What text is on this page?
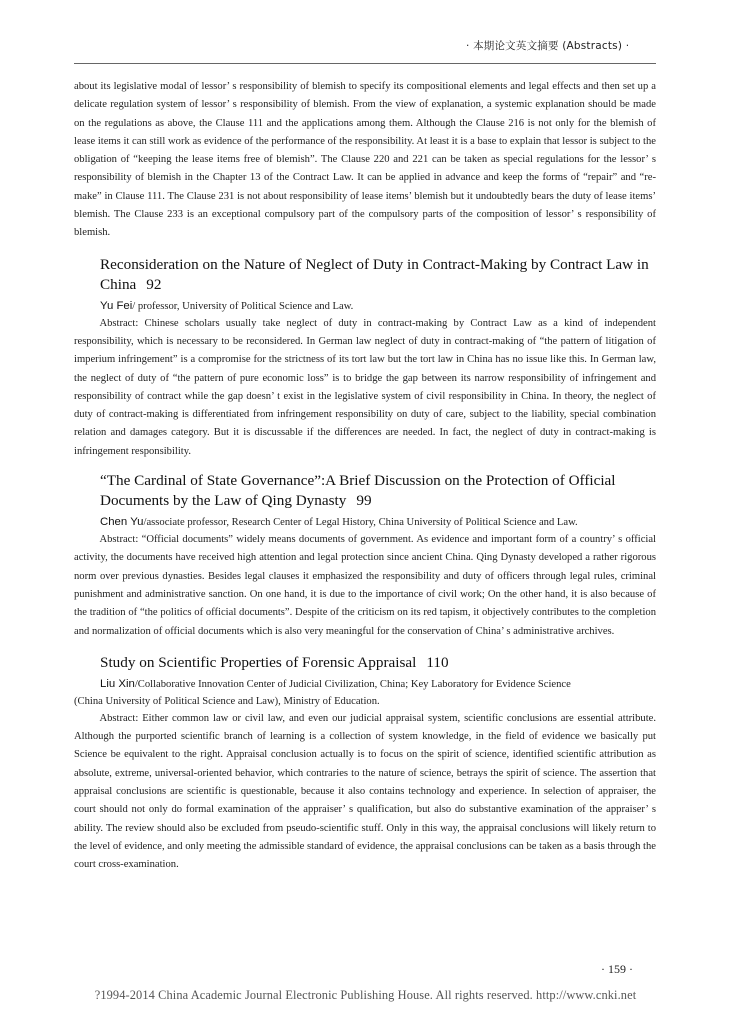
· 本期论文英文摘要 (Abstracts) ·

about its legislative modal of lessor’ s responsibility of blemish to specify its compositional elements and legal effects and then set up a delicate regulation system of lessor’ s responsibility of blemish. From the view of explanation, a systemic explanation should be made on the regulations as above, the Clause 111 and the applications among them. Although the Clause 216 is not only for the blemish of lease items it can still work as evidence of the performance of the responsibility. At least it is a base to explain that lessor is subject to the obligation of “keeping the lease items free of blemish”. The Clause 220 and 221 can be taken as special regulations for the lessor’ s responsibility of blemish in the Chapter 13 of the Contract Law. It can be applied in advance and keep the forms of “repair” and “re-make” in Clause 111. The Clause 231 is not about responsibility of lease items’ blemish but it undoubtedly bears the duty of lease items’ blemish. The Clause 233 is an exceptional compulsory part of the compulsory parts of the composition of lessor’ s responsibility of blemish.

Reconsideration on the Nature of Neglect of Duty in Contract-Making by Contract Law in China 92

Yu Fei/ professor, University of Political Science and Law.

Abstract: Chinese scholars usually take neglect of duty in contract-making by Contract Law as a kind of independent responsibility, which is necessary to be reconsidered. In German law neglect of duty in contract-making of “the pattern of litigation of imperium infringement” is a compromise for the strictness of its tort law but the tort law in China has no issue like this. In German law, the neglect of duty of “the pattern of pure economic loss” is to bridge the gap between its narrow responsibility of infringement and responsibility of contract while the gap doesn’ t exist in the legislative system of civil responsibility in China. In theory, the neglect of duty of contract-making is differentiated from infringement responsibility on duty of care, subject to the liability, special combination relation and damages category. But it is discussable if the differences are needed. In fact, the neglect of duty in contract-making is infringement responsibility.

“The Cardinal of State Governance”:A Brief Discussion on the Protection of Official Documents by the Law of Qing Dynasty 99

Chen Yu/associate professor, Research Center of Legal History, China University of Political Science and Law.

Abstract: “Official documents” widely means documents of government. As evidence and important form of a country’ s official activity, the documents have received high attention and legal protection since ancient China. Qing Dynasty developed a rather rigorous norm over previous dynasties. Besides legal clauses it emphasized the responsibility and duty of officers through legal rules, criminal punishment and administrative sanction. On one hand, it is due to the importance of civil work; On the other hand, it is also because of the tradition of “the politics of official documents”. Despite of the criticism on its red tapism, it objectively contributes to the completion and normalization of official documents which is also very meaningful for the conservation of China’ s administrative archives.

Study on Scientific Properties of Forensic Appraisal 110

Liu Xin/Collaborative Innovation Center of Judicial Civilization, China; Key Laboratory for Evidence Science

(China University of Political Science and Law), Ministry of Education.

Abstract: Either common law or civil law, and even our judicial appraisal system, scientific conclusions are essential attribute. Although the purported scientific branch of learning is a collection of system knowledge, in the field of evidence we basically put Science be equivalent to the right. Appraisal conclusion actually is to focus on the spirit of science, identified scientific attribution as absolute, extreme, universal-oriented behavior, which contraries to the nature of science, betrays the spirit of science. The assertion that appraisal conclusions are scientific is questionable, because it also contains technology and experience. In selection of appraiser, the court should not only do formal examination of the appraiser’ s qualification, but also do substantive examination of the appraiser’ s ability. The review should also be excluded from pseudo-scientific stuff. Only in this way, the appraisal conclusions will likely return to the level of evidence, and only meeting the admissible standard of evidence, the appraisal conclusions can be taken as a basis through the court cross-examination.

· 159 ·
?1994-2014 China Academic Journal Electronic Publishing House. All rights reserved. http://www.cnki.net
